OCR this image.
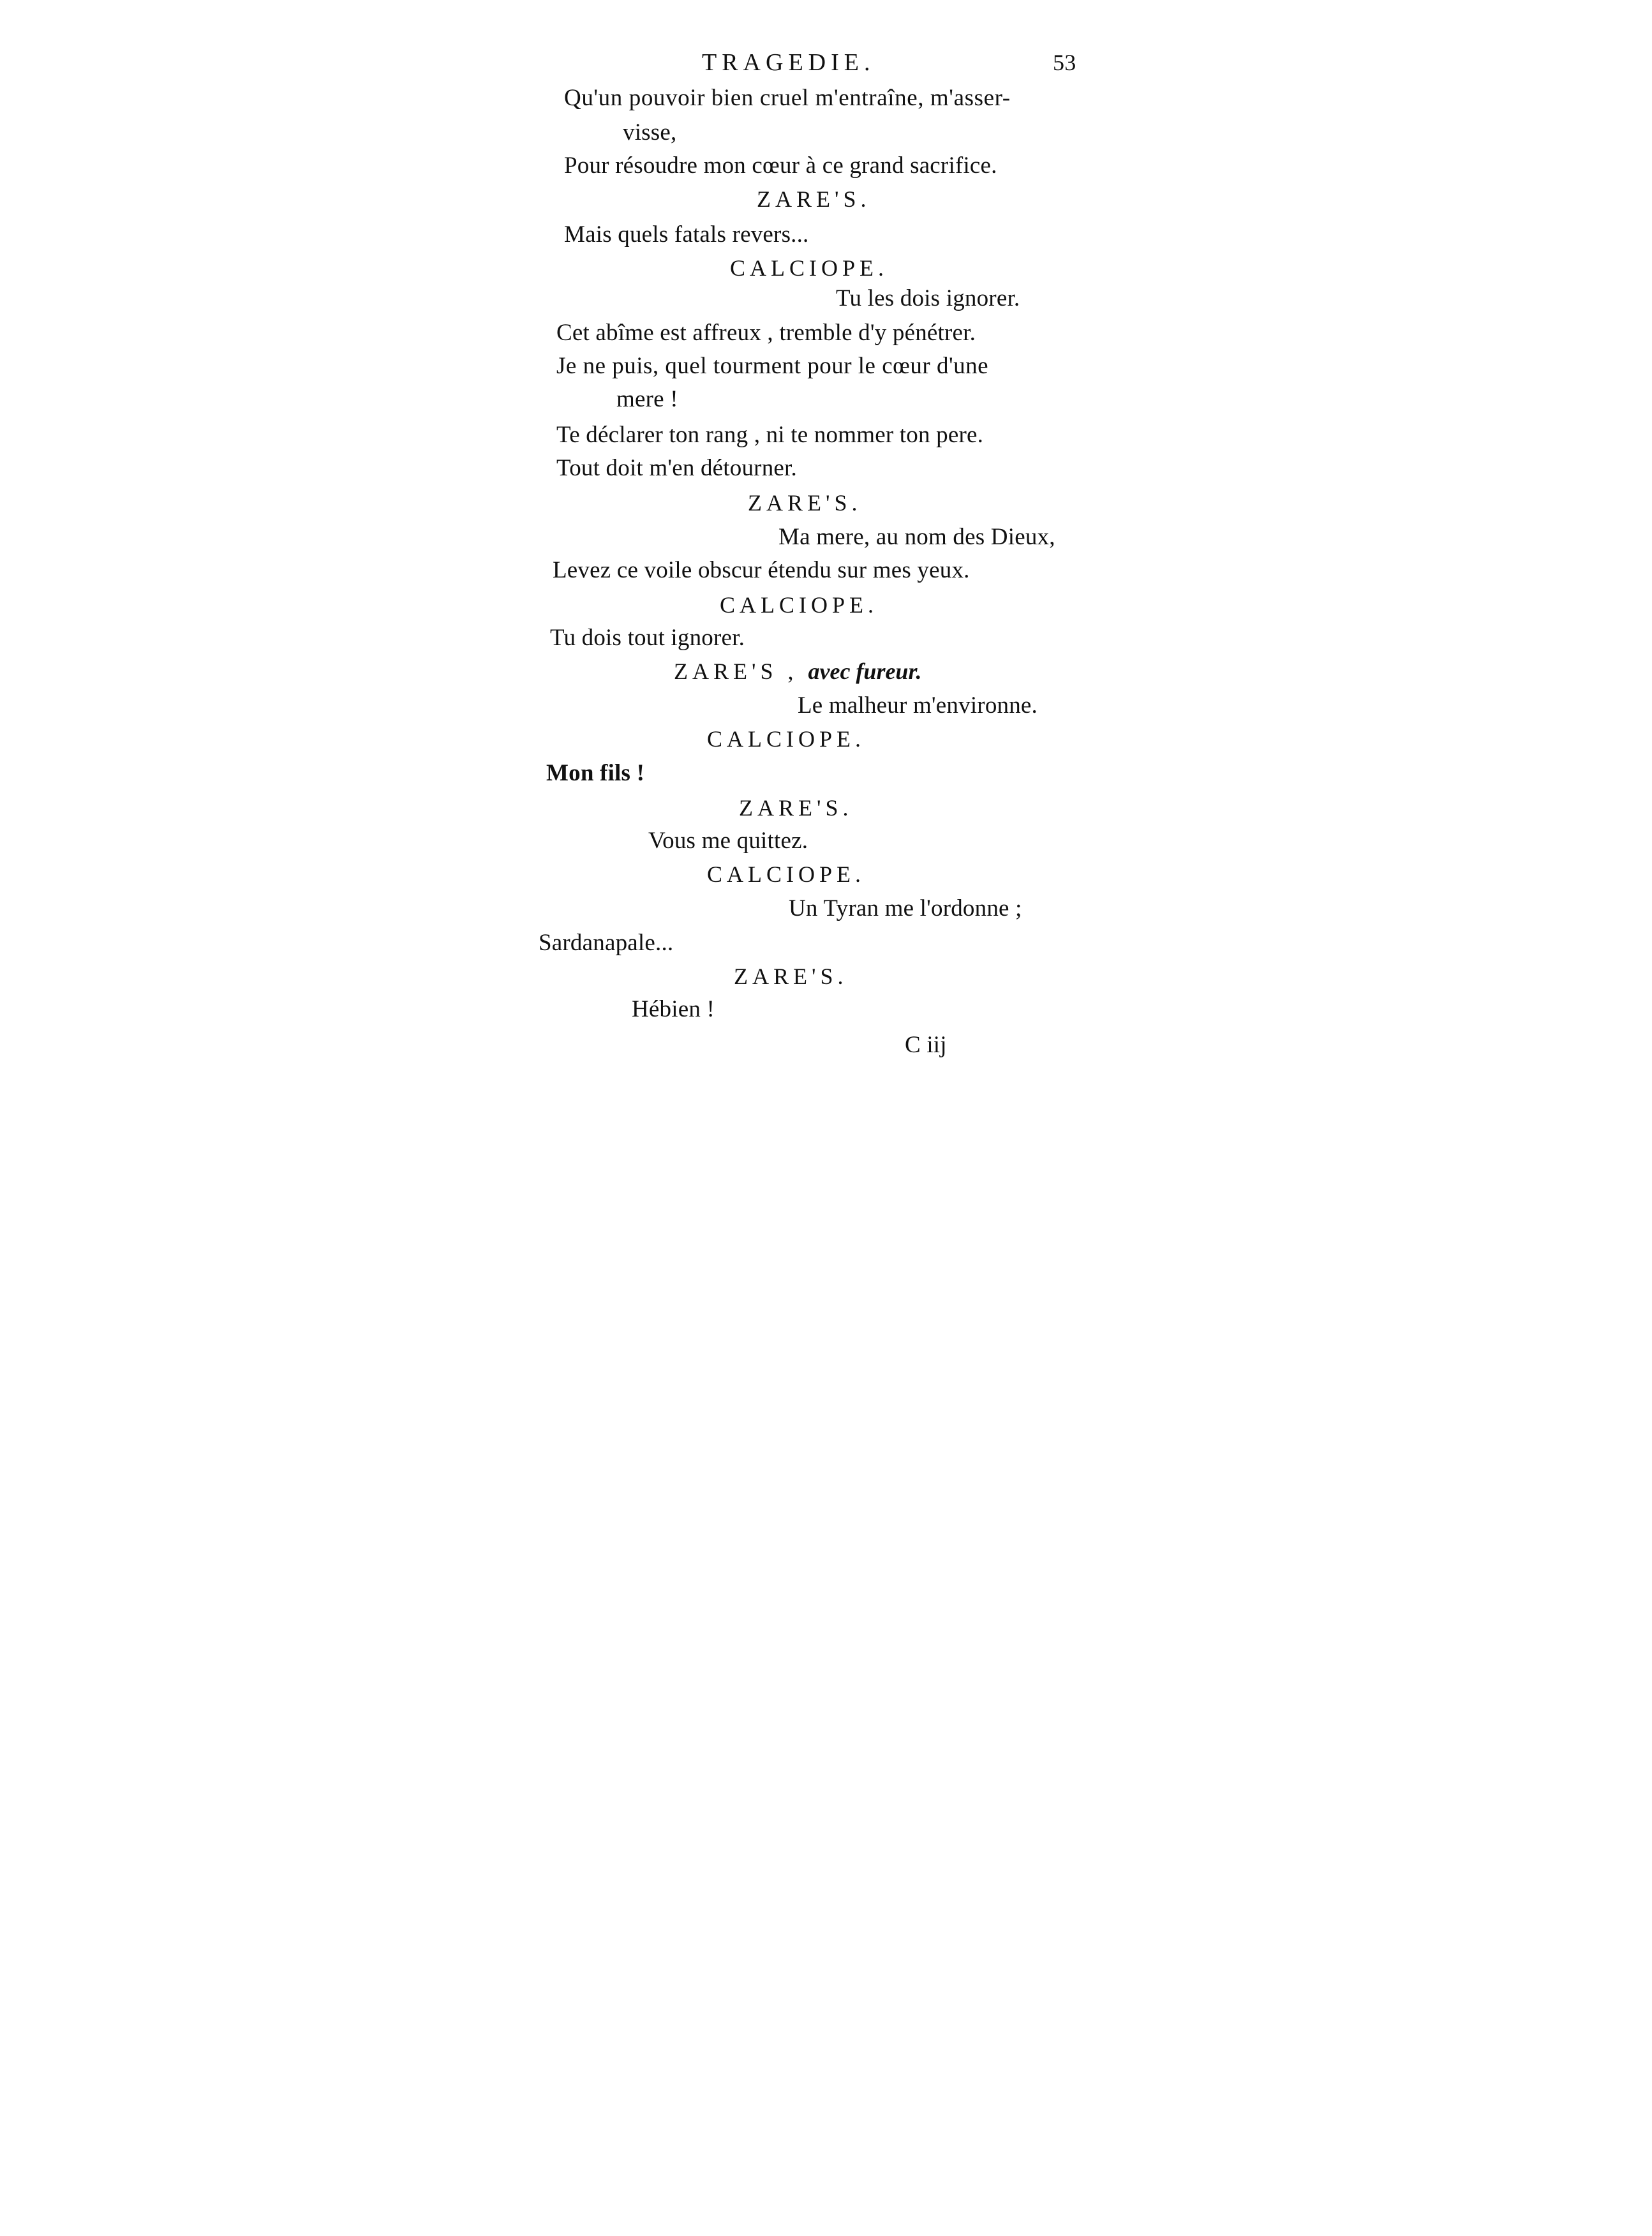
TRAGEDIE.	53
Qu'un pouvoir bien cruel m'entraîne, m'asser-
visse,
Pour résoudre mon cœur à ce grand sacrifice.
ZARE'S.
Mais quels fatals revers...
CALCIOPE.
Tu les dois ignorer.
Cet abîme est affreux , tremble d'y pénétrer.
Je ne puis, quel tourment pour le cœur d'une
mere !
Te déclarer ton rang , ni te nommer ton pere.
Tout doit m'en détourner.
ZARE'S.
Ma mere, au nom des Dieux,
Levez ce voile obscur étendu sur mes yeux.
CALCIOPE.
Tu dois tout ignorer.
ZARE'S , avec fureur.
Le malheur m'environne.
CALCIOPE.
Mon fils !
ZARE'S.
Vous me quittez.
CALCIOPE.
Un Tyran me l'ordonne ;
Sardanapale...
ZARE'S.
Hébien !
C iij
